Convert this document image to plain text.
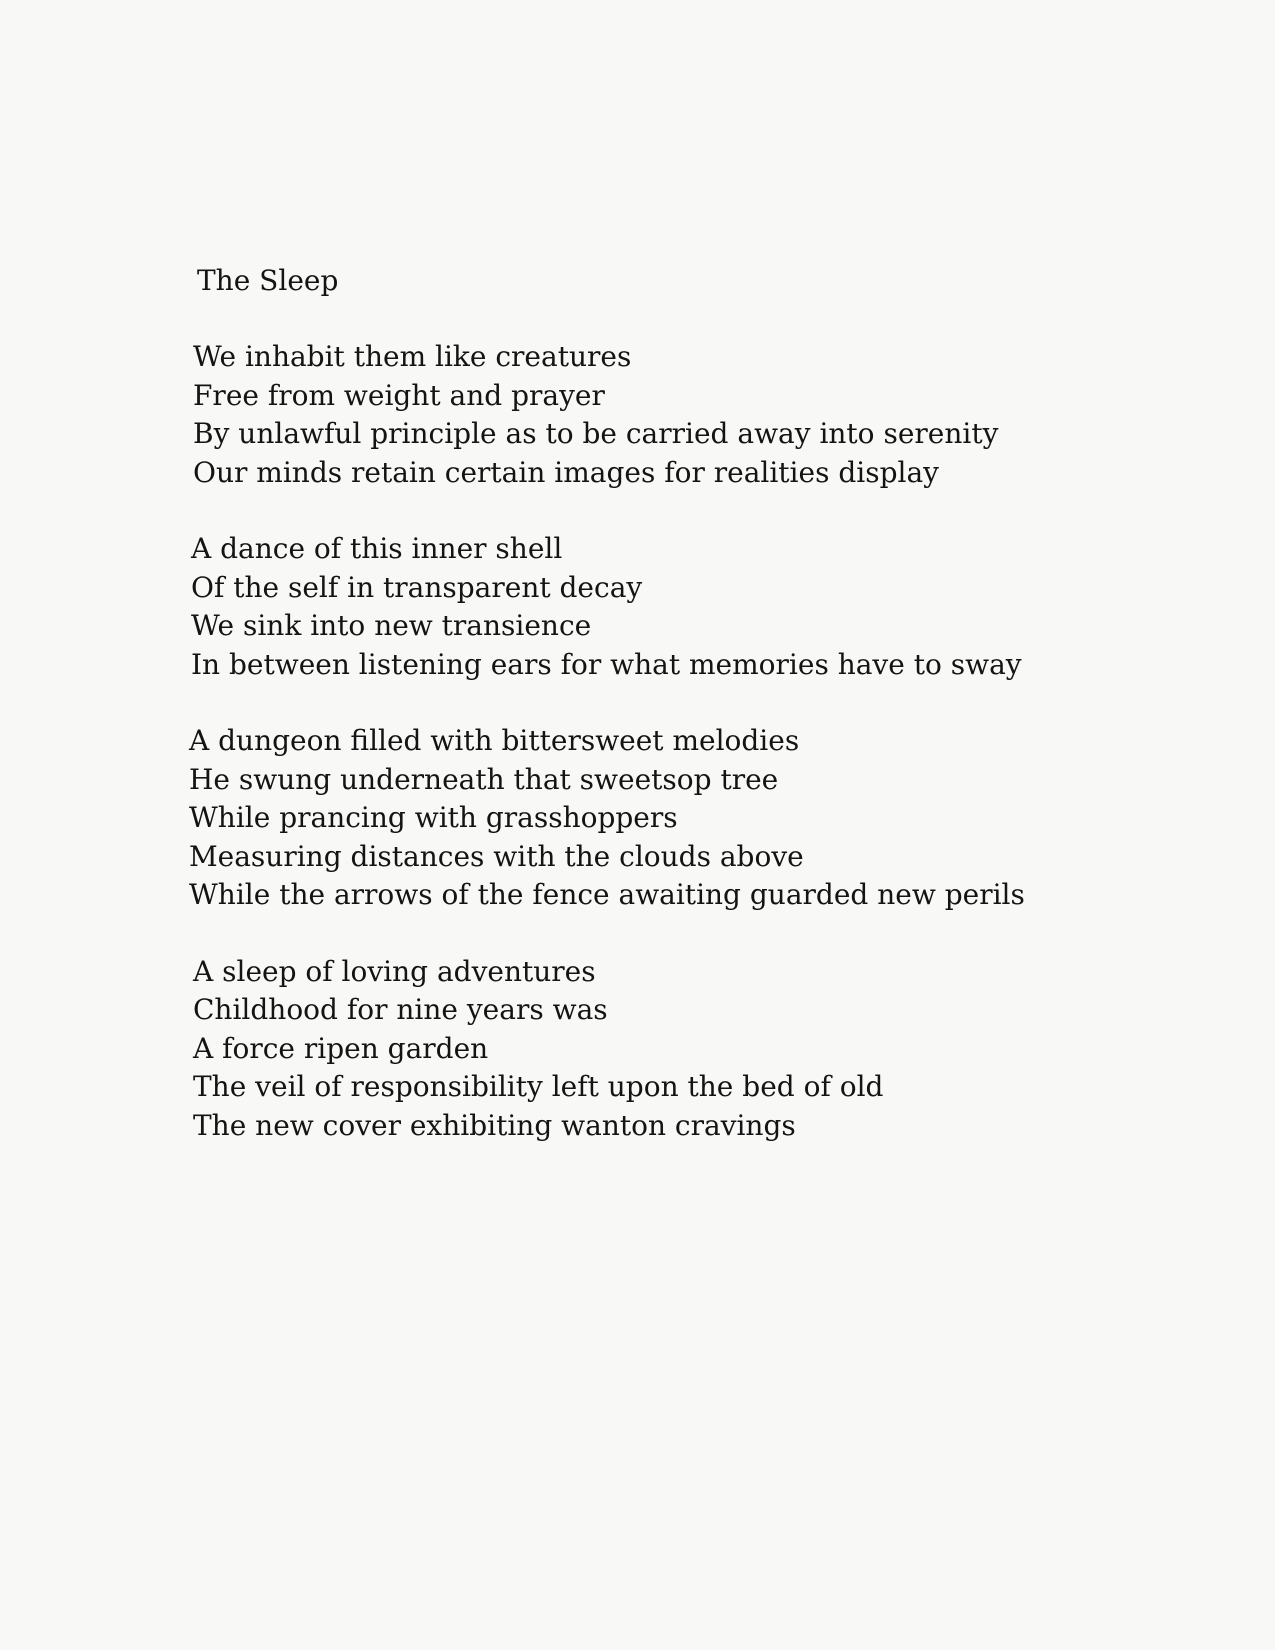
The Sleep
We inhabit them like creatures
Free from weight and prayer
By unlawful principle as to be carried away into serenity
Our minds retain certain images for realities display
A dance of this inner shell
Of the self in transparent decay
We sink into new transience
In between listening ears for what memories have to sway
A dungeon filled with bittersweet melodies
He swung underneath that sweetsop tree
While prancing with grasshoppers
Measuring distances with the clouds above
While the arrows of the fence awaiting guarded new perils
A sleep of loving adventures
Childhood for nine years was
A force ripen garden
The veil of responsibility left upon the bed of old
The new cover exhibiting wanton cravings
